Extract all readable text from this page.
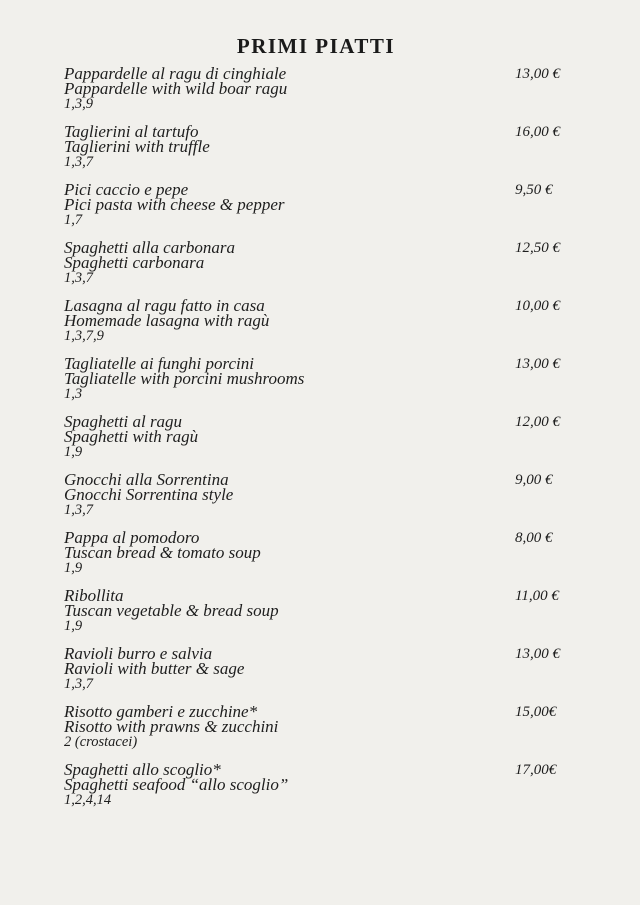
PRIMI PIATTI
Pappardelle al ragu di cinghiale
Pappardelle with wild boar ragu
1,3,9
13,00 €
Taglierini al tartufo
Taglierini with truffle
1,3,7
16,00 €
Pici caccio e pepe
Pici pasta with cheese & pepper
1,7
9,50 €
Spaghetti alla carbonara
Spaghetti carbonara
1,3,7
12,50 €
Lasagna al ragu fatto in casa
Homemade lasagna with ragù
1,3,7,9
10,00 €
Tagliatelle ai funghi porcini
Tagliatelle with porcini mushrooms
1,3
13,00 €
Spaghetti al ragu
Spaghetti with ragù
1,9
12,00 €
Gnocchi alla Sorrentina
Gnocchi Sorrentina style
1,3,7
9,00 €
Pappa al pomodoro
Tuscan bread & tomato soup
1,9
8,00 €
Ribollita
Tuscan vegetable & bread soup
1,9
11,00 €
Ravioli burro e salvia
Ravioli with butter & sage
1,3,7
13,00 €
Risotto gamberi e zucchine*
Risotto with prawns & zucchini
2 (crostacei)
15,00€
Spaghetti allo scoglio*
Spaghetti seafood “allo scoglio”
1,2,4,14
17,00€
